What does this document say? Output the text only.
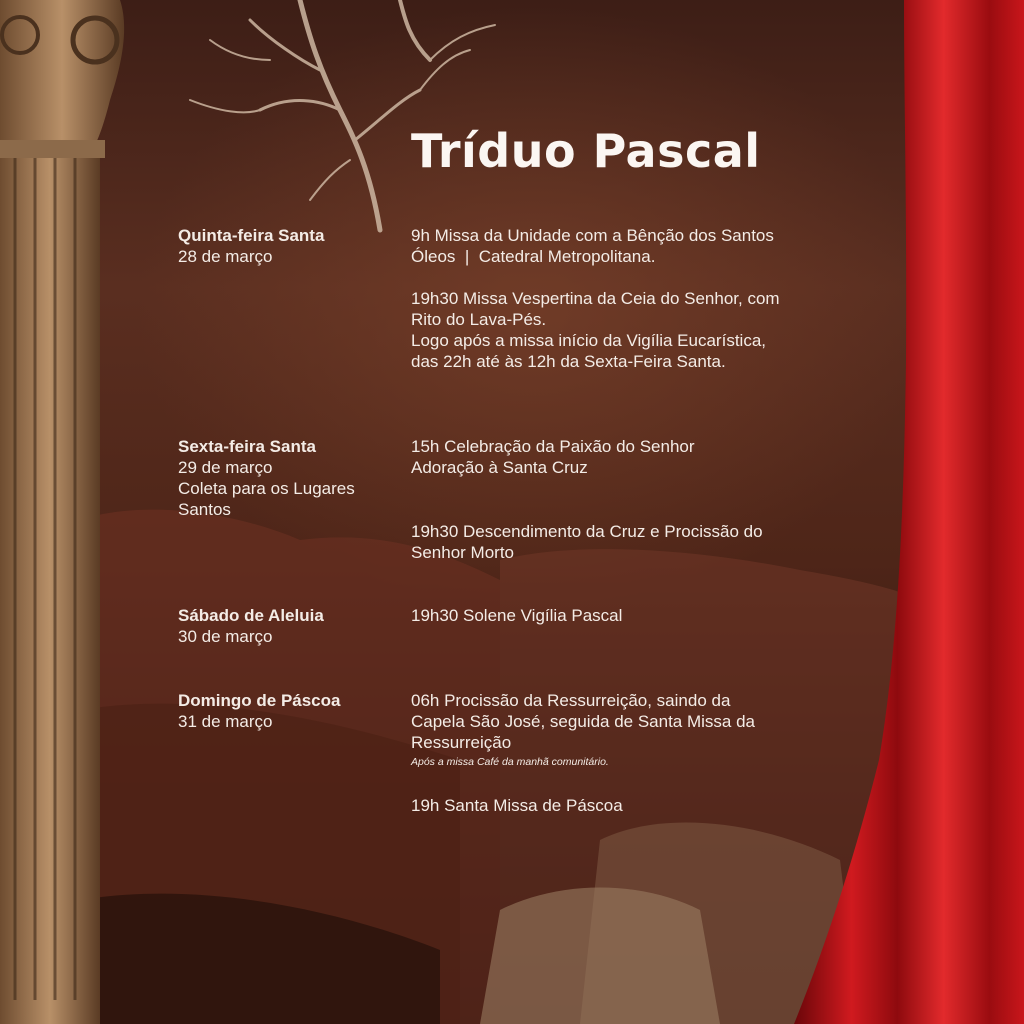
Tríduo Pascal
Quinta-feira Santa
28 de março
9h Missa da Unidade com a Bênção dos Santos
Óleos  |  Catedral Metropolitana.
19h30 Missa Vespertina da Ceia do Senhor, com
Rito do Lava-Pés.
Logo após a missa início da Vigília Eucarística,
das 22h até às 12h da Sexta-Feira Santa.
Sexta-feira Santa
29 de março
Coleta para os Lugares
Santos
15h Celebração da Paixão do Senhor
Adoração à Santa Cruz
19h30 Descendimento da Cruz e Procissão do
Senhor Morto
Sábado de Aleluia
30 de março
19h30 Solene Vigília Pascal
Domingo de Páscoa
31 de março
06h Procissão da Ressurreição, saindo da
Capela São José, seguida de Santa Missa da
Ressurreição
Após a missa Café da manhã comunitário.
19h Santa Missa de Páscoa
